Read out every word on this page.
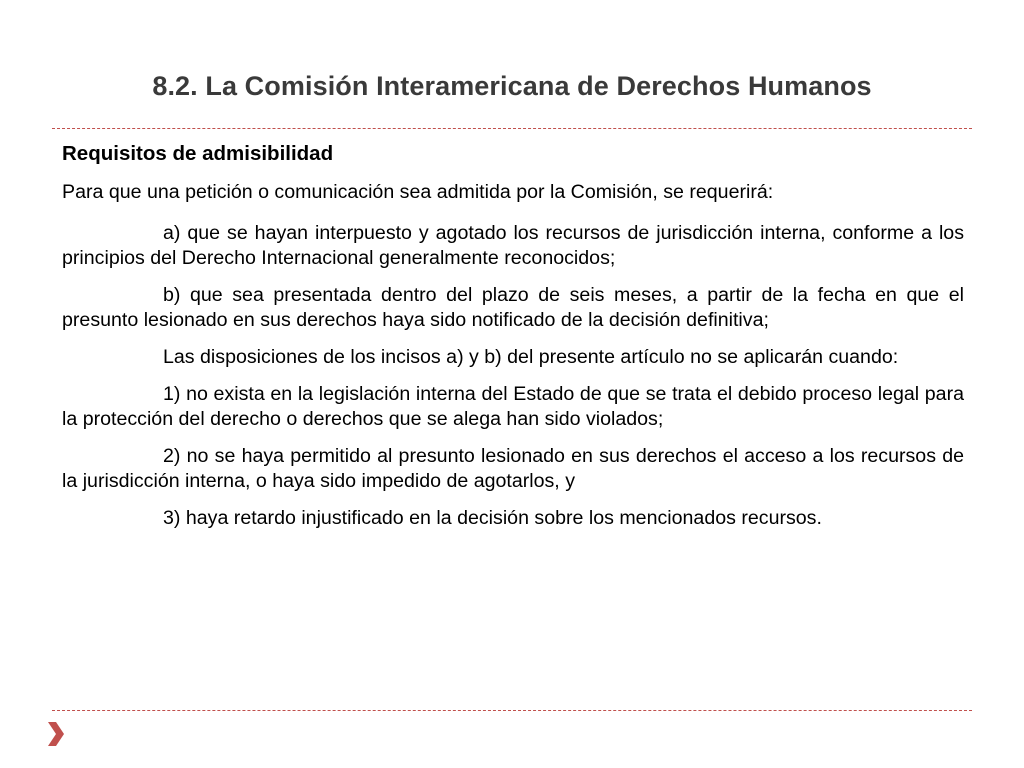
8.2. La Comisión Interamericana de Derechos Humanos
Requisitos de admisibilidad
Para que una petición o comunicación sea admitida por la Comisión, se requerirá:

a) que se hayan interpuesto y agotado los recursos de jurisdicción interna, conforme a los principios del Derecho Internacional generalmente reconocidos;

b) que sea presentada dentro del plazo de seis meses, a partir de la fecha en que el presunto lesionado en sus derechos haya sido notificado de la decisión definitiva;

Las disposiciones de los incisos a) y b) del presente artículo no se aplicarán cuando:

1) no exista en la legislación interna del Estado de que se trata el debido proceso legal para la protección del derecho o derechos que se alega han sido violados;

2) no se haya permitido al presunto lesionado en sus derechos el acceso a los recursos de la jurisdicción interna, o haya sido impedido de agotarlos, y

3) haya retardo injustificado en la decisión sobre los mencionados recursos.
